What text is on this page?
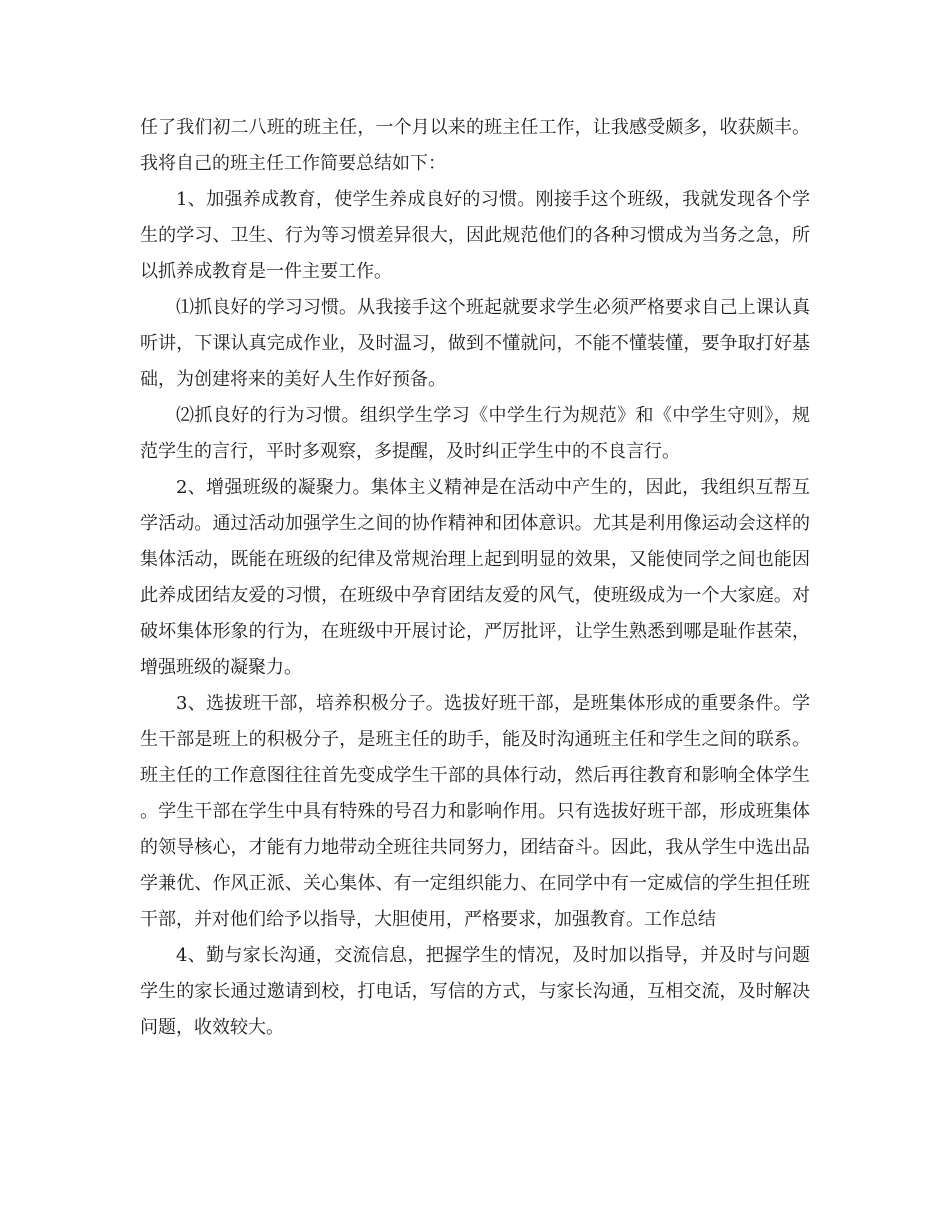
任了我们初二八班的班主任，一个月以来的班主任工作，让我感受颇多，收获颇丰。我将自己的班主任工作简要总结如下：

1、加强养成教育，使学生养成良好的习惯。刚接手这个班级，我就发现各个学生的学习、卫生、行为等习惯差异很大，因此规范他们的各种习惯成为当务之急，所以抓养成教育是一件主要工作。

⑴抓良好的学习习惯。从我接手这个班起就要求学生必须严格要求自己上课认真听讲，下课认真完成作业，及时温习，做到不懂就问，不能不懂装懂，要争取打好基础，为创建将来的美好人生作好预备。

⑵抓良好的行为习惯。组织学生学习《中学生行为规范》和《中学生守则》，规范学生的言行，平时多观察，多提醒，及时纠正学生中的不良言行。

2、增强班级的凝聚力。集体主义精神是在活动中产生的，因此，我组织互帮互学活动。通过活动加强学生之间的协作精神和团体意识。尤其是利用像运动会这样的集体活动，既能在班级的纪律及常规治理上起到明显的效果，又能使同学之间也能因此养成团结友爱的习惯，在班级中孕育团结友爱的风气，使班级成为一个大家庭。对破坏集体形象的行为，在班级中开展讨论，严厉批评，让学生熟悉到哪是耻作甚荣，增强班级的凝聚力。

3、选拔班干部，培养积极分子。选拔好班干部，是班集体形成的重要条件。学生干部是班上的积极分子，是班主任的助手，能及时沟通班主任和学生之间的联系。班主任的工作意图往往首先变成学生干部的具体行动，然后再往教育和影响全体学生。学生干部在学生中具有特殊的号召力和影响作用。只有选拔好班干部，形成班集体的领导核心，才能有力地带动全班往共同努力，团结奋斗。因此，我从学生中选出品学兼优、作风正派、关心集体、有一定组织能力、在同学中有一定威信的学生担任班干部，并对他们给予以指导，大胆使用，严格要求，加强教育。工作总结

4、勤与家长沟通，交流信息，把握学生的情况，及时加以指导，并及时与问题学生的家长通过邀请到校，打电话，写信的方式，与家长沟通，互相交流，及时解决问题，收效较大。
